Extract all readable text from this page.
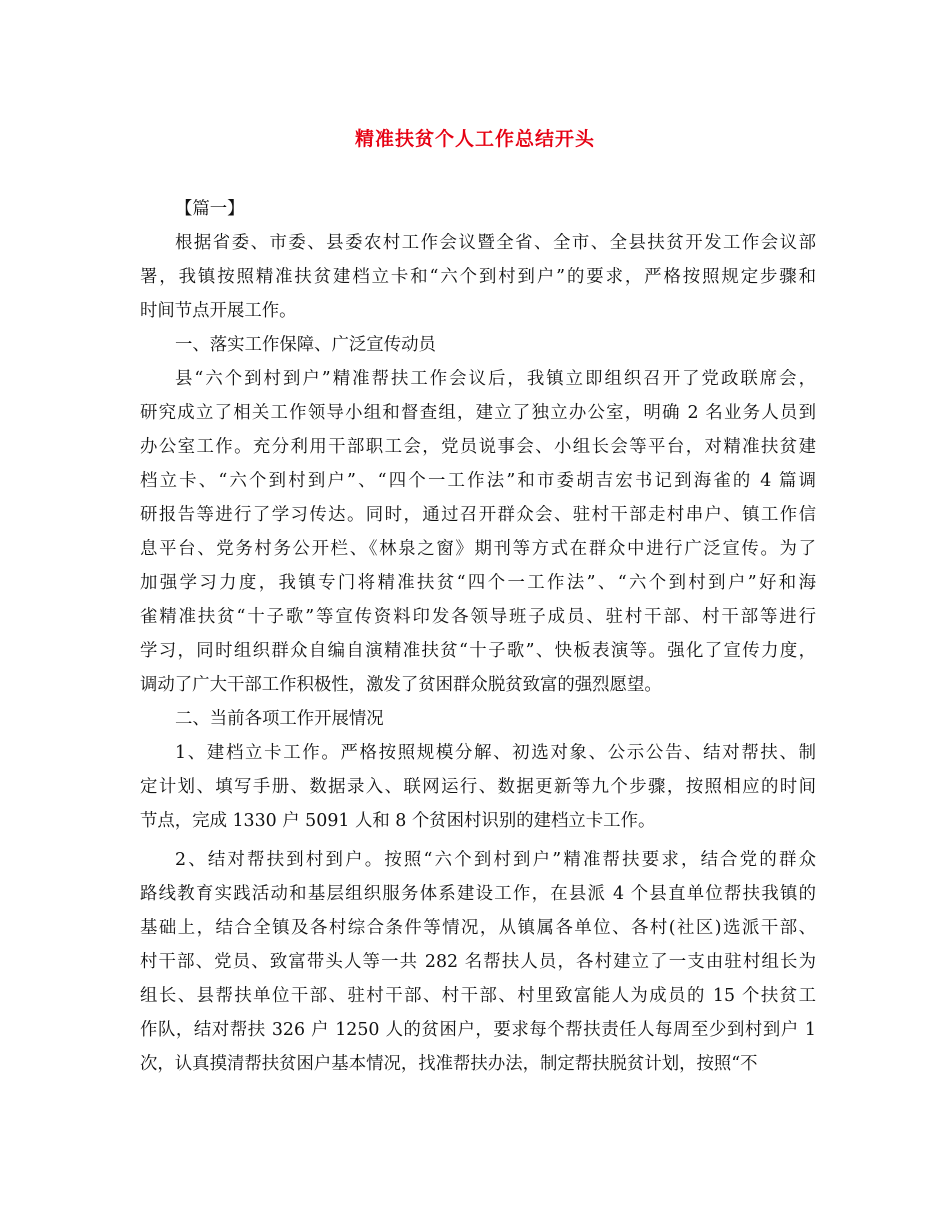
精准扶贫个人工作总结开头
【篇一】
根据省委、市委、县委农村工作会议暨全省、全市、全县扶贫开发工作会议部
署，我镇按照精准扶贫建档立卡和“六个到村到户”的要求，严格按照规定步骤和
时间节点开展工作。
一、落实工作保障、广泛宣传动员
县“六个到村到户”精准帮扶工作会议后，我镇立即组织召开了党政联席会，
研究成立了相关工作领导小组和督查组，建立了独立办公室，明确 2 名业务人员到
办公室工作。充分利用干部职工会，党员说事会、小组长会等平台，对精准扶贫建
档立卡、“六个到村到户”、“四个一工作法”和市委胡吉宏书记到海雀的 4 篇调
研报告等进行了学习传达。同时，通过召开群众会、驻村干部走村串户、镇工作信
息平台、党务村务公开栏、《林泉之窗》期刊等方式在群众中进行广泛宣传。为了
加强学习力度，我镇专门将精准扶贫“四个一工作法”、“六个到村到户”好和海
雀精准扶贫“十子歌”等宣传资料印发各领导班子成员、驻村干部、村干部等进行
学习，同时组织群众自编自演精准扶贫“十子歌”、快板表演等。强化了宣传力度，
调动了广大干部工作积极性，激发了贫困群众脱贫致富的强烈愿望。
二、当前各项工作开展情况
1、建档立卡工作。严格按照规模分解、初选对象、公示公告、结对帮扶、制
定计划、填写手册、数据录入、联网运行、数据更新等九个步骤，按照相应的时间
节点，完成 1330 户 5091 人和 8 个贫困村识别的建档立卡工作。
2、结对帮扶到村到户。按照“六个到村到户”精准帮扶要求，结合党的群众
路线教育实践活动和基层组织服务体系建设工作，在县派 4 个县直单位帮扶我镇的
基础上，结合全镇及各村综合条件等情况，从镇属各单位、各村(社区)选派干部、
村干部、党员、致富带头人等一共 282 名帮扶人员，各村建立了一支由驻村组长为
组长、县帮扶单位干部、驻村干部、村干部、村里致富能人为成员的 15 个扶贫工
作队，结对帮扶 326 户 1250 人的贫困户，要求每个帮扶责任人每周至少到村到户 1
次，认真摸清帮扶贫困户基本情况，找准帮扶办法，制定帮扶脱贫计划，按照“不
